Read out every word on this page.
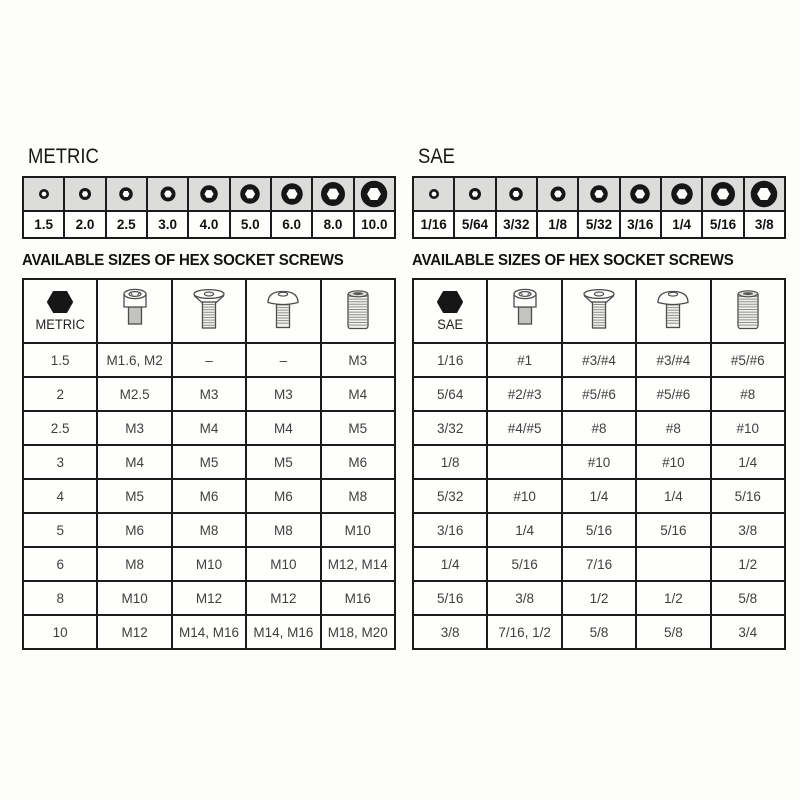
METRIC

1.5	2.0	2.5	3.0	4.0	5.0	6.0	8.0	10.0
AVAILABLE SIZES OF HEX SOCKET SCREWS
METRIC

1.5	M1.6, M2	–	–	M3
2	M2.5	M3	M3	M4
2.5	M3	M4	M4	M5
3	M4	M5	M5	M6
4	M5	M6	M6	M8
5	M6	M8	M8	M10
6	M8	M10	M10	M12, M14
8	M10	M12	M12	M16
10	M12	M14, M16	M14, M16	M18, M20
SAE

1/16	5/64	3/32	1/8	5/32	3/16	1/4	5/16	3/8
AVAILABLE SIZES OF HEX SOCKET SCREWS
SAE

1/16	#1	#3/#4	#3/#4	#5/#6
5/64	#2/#3	#5/#6	#5/#6	#8
3/32	#4/#5	#8	#8	#10
1/8		#10	#10	1/4
5/32	#10	1/4	1/4	5/16
3/16	1/4	5/16	5/16	3/8
1/4	5/16	7/16		1/2
5/16	3/8	1/2	1/2	5/8
3/8	7/16, 1/2	5/8	5/8	3/4
